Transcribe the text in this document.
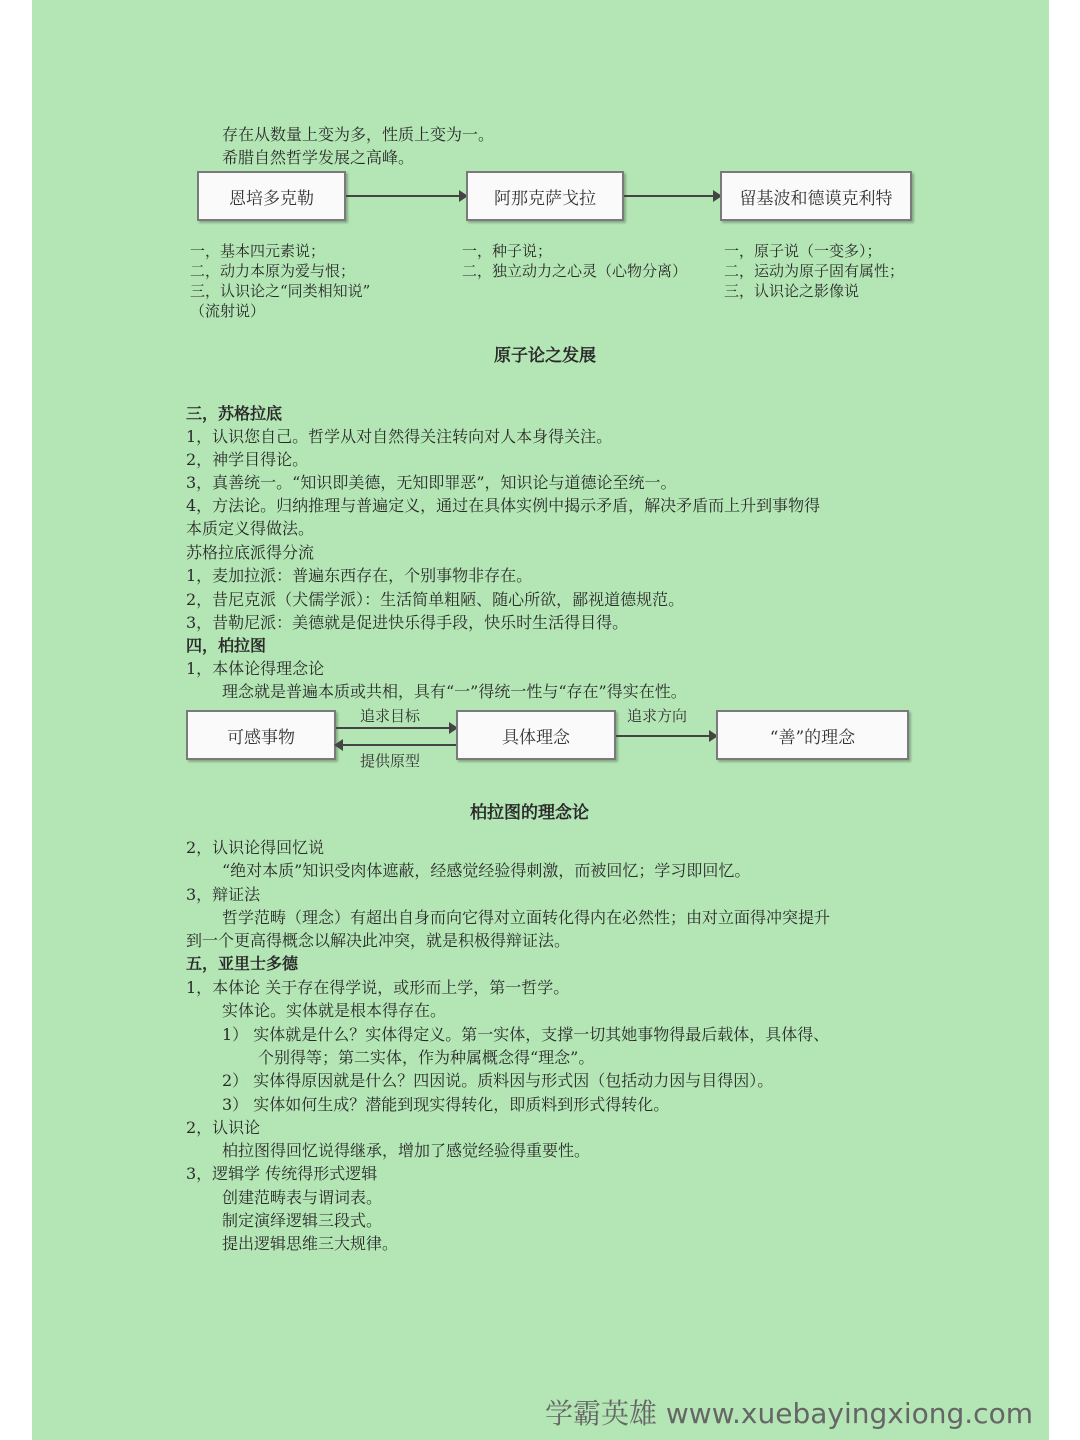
存在从数量上变为多，性质上变为一。
希腊自然哲学发展之高峰。
恩培多克勒	阿那克萨戈拉	留基波和德谟克利特
一，基本四元素说；
二，动力本原为爱与恨；
三，认识论之“同类相知说”
（流射说）
一，种子说；
二，独立动力之心灵（心物分离）
一，原子说（一变多）；
二，运动为原子固有属性；
三，认识论之影像说
原子论之发展
三，苏格拉底
1，认识您自己。哲学从对自然得关注转向对人本身得关注。
2，神学目得论。
3，真善统一。“知识即美德，无知即罪恶”，知识论与道德论至统一。
4，方法论。归纳推理与普遍定义，通过在具体实例中揭示矛盾，解决矛盾而上升到事物得
本质定义得做法。
苏格拉底派得分流
1，麦加拉派：普遍东西存在，个别事物非存在。
2，昔尼克派（犬儒学派）：生活简单粗陋、随心所欲，鄙视道德规范。
3，昔勒尼派：美德就是促进快乐得手段，快乐时生活得目得。
四，柏拉图
1，本体论得理念论
理念就是普遍本质或共相，具有“一”得统一性与“存在”得实在性。
可感事物
追求目标
提供原型
具体理念
追求方向
“善”的理念
柏拉图的理念论
2，认识论得回忆说
“绝对本质”知识受肉体遮蔽，经感觉经验得刺激，而被回忆；学习即回忆。
3，辩证法
哲学范畴（理念）有超出自身而向它得对立面转化得内在必然性；由对立面得冲突提升
到一个更高得概念以解决此冲突，就是积极得辩证法。
五，亚里士多德
1，本体论 关于存在得学说，或形而上学，第一哲学。
实体论。实体就是根本得存在。
1） 实体就是什么？实体得定义。第一实体，支撑一切其她事物得最后载体，具体得、
个别得等；第二实体，作为种属概念得“理念”。
2） 实体得原因就是什么？四因说。质料因与形式因（包括动力因与目得因）。
3） 实体如何生成？潜能到现实得转化，即质料到形式得转化。
2，认识论
柏拉图得回忆说得继承，增加了感觉经验得重要性。
3，逻辑学 传统得形式逻辑
创建范畴表与谓词表。
制定演绎逻辑三段式。
提出逻辑思维三大规律。
学霸英雄 www.xuebayingxiong.com
